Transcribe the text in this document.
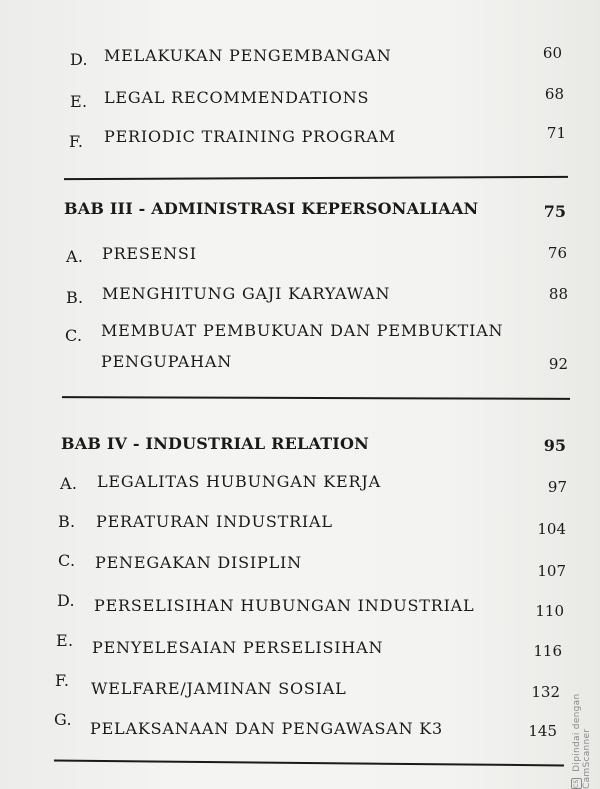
D. MELAKUKAN PENGEMBANGAN	60
E. LEGAL RECOMMENDATIONS	68
F. PERIODIC TRAINING PROGRAM	71
BAB III - ADMINISTRASI KEPERSONALIAAN	75
A. PRESENSI	76
B. MENGHITUNG GAJI KARYAWAN	88
C. MEMBUAT PEMBUKUAN DAN PEMBUKTIAN
PENGUPAHAN	92
BAB IV - INDUSTRIAL RELATION	95
A. LEGALITAS HUBUNGAN KERJA	97
B. PERATURAN INDUSTRIAL	104
C. PENEGAKAN DISIPLIN	107
D. PERSELISIHAN HUBUNGAN INDUSTRIAL	110
E. PENYELESAIAN PERSELISIHAN	116
F. WELFARE/JAMINAN SOSIAL	132
G. PELAKSANAAN DAN PENGAWASAN K3	145
CS Dipindai dengan CamScanner
